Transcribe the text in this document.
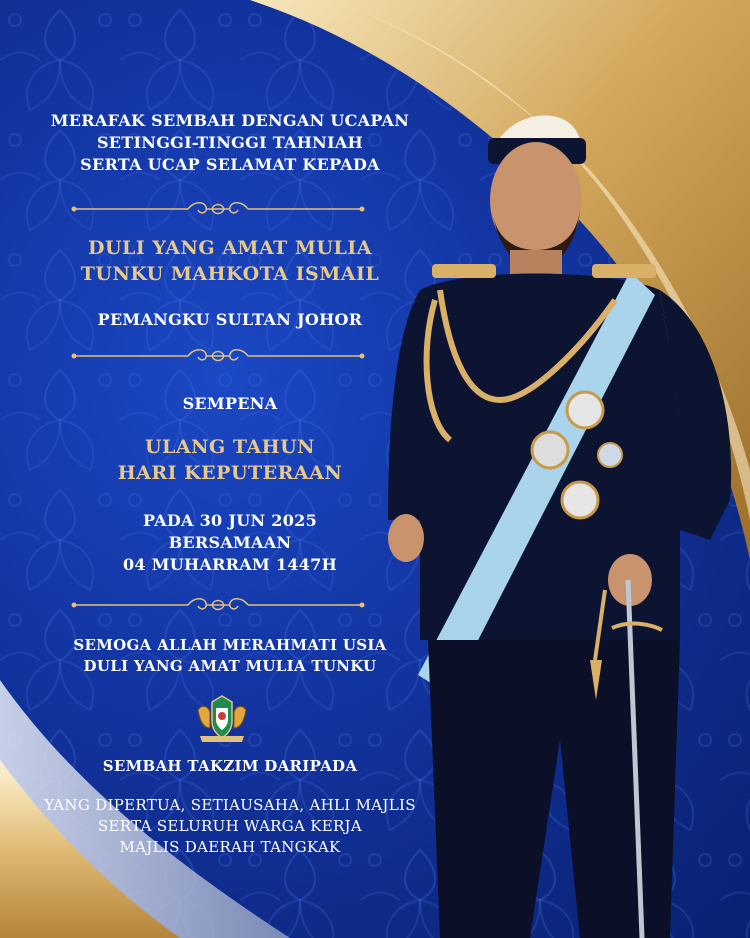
MERAFAK SEMBAH DENGAN UCAPAN
SETINGGI-TINGGI TAHNIAH
SERTA UCAP SELAMAT KEPADA
DULI YANG AMAT MULIA
TUNKU MAHKOTA ISMAIL
PEMANGKU SULTAN JOHOR
SEMPENA
ULANG TAHUN
HARI KEPUTERAAN
PADA 30 JUN 2025
BERSAMAAN
04 MUHARRAM 1447H
SEMOGA ALLAH MERAHMATI USIA
DULI YANG AMAT MULIA TUNKU
SEMBAH TAKZIM DARIPADA
YANG DIPERTUA, SETIAUSAHA, AHLI MAJLIS
SERTA SELURUH WARGA KERJA
MAJLIS DAERAH TANGKAK
